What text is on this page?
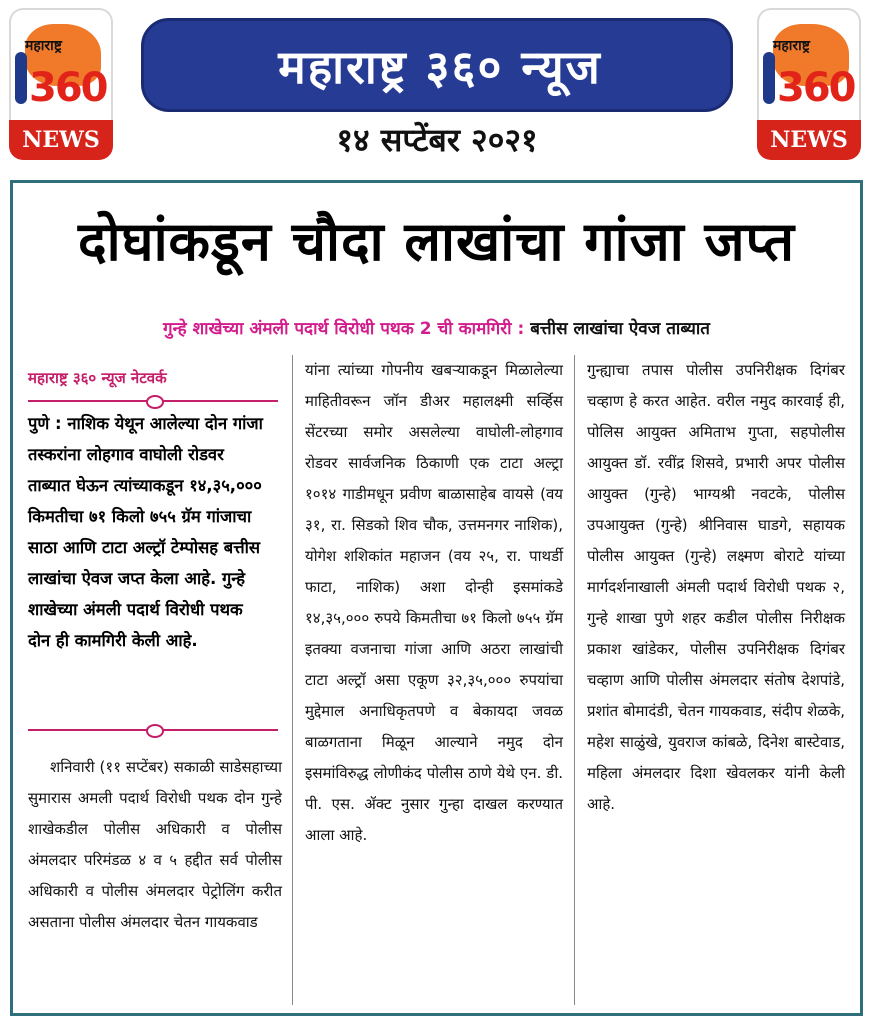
महाराष्ट्र
360
NEWS
महाराष्ट्र
360
NEWS
महाराष्ट्र ३६० न्यूज
१४ सप्टेंबर २०२१
दोघांकडून चौदा लाखांचा गांजा जप्त
गुन्हे शाखेच्या अंमली पदार्थ विरोधी पथक 2 ची कामगिरी : बत्तीस लाखांचा ऐवज ताब्यात
महाराष्ट्र ३६० न्यूज नेटवर्क
पुणे : नाशिक येथून आलेल्या दोन गांजा तस्करांना लोहगाव वाघोली रोडवर ताब्यात घेऊन त्यांच्याकडून १४,३५,००० किमतीचा ७१ किलो ७५५ ग्रॅम गांजाचा साठा आणि टाटा अल्ट्रॉ टेम्पोसह बत्तीस लाखांचा ऐवज जप्त केला आहे. गुन्हे शाखेच्या अंमली पदार्थ विरोधी पथक दोन ही कामगिरी केली आहे.
शनिवारी (११ सप्टेंबर) सकाळी साडेसहाच्या सुमारास अमली पदार्थ विरोधी पथक दोन गुन्हे शाखेकडील पोलीस अधिकारी व पोलीस अंमलदार परिमंडळ ४ व ५ हद्दीत सर्व पोलीस अधिकारी व पोलीस अंमलदार पेट्रोलिंग करीत असताना पोलीस अंमलदार चेतन गायकवाड
यांना त्यांच्या गोपनीय खबऱ्याकडून मिळालेल्या माहितीवरून जॉन डीअर महालक्ष्मी सर्व्हिस सेंटरच्या समोर असलेल्या वाघोली-लोहगाव रोडवर सार्वजनिक ठिकाणी एक टाटा अल्ट्रा १०१४ गाडीमधून प्रवीण बाळासाहेब वायसे (वय ३१, रा. सिडको शिव चौक, उत्तमनगर नाशिक), योगेश शशिकांत महाजन (वय २५, रा. पाथर्डी फाटा, नाशिक) अशा दोन्ही इसमांकडे १४,३५,००० रुपये किमतीचा ७१ किलो ७५५ ग्रॅम इतक्या वजनाचा गांजा आणि अठरा लाखांची टाटा अल्ट्रॉ असा एकूण ३२,३५,००० रुपयांचा मुद्देमाल अनाधिकृतपणे व बेकायदा जवळ बाळगताना मिळून आल्याने नमुद दोन इसमांविरुद्ध लोणीकंद पोलीस ठाणे येथे एन. डी. पी. एस. ॲक्ट नुसार गुन्हा दाखल करण्यात आला आहे.
गुन्ह्याचा तपास पोलीस उपनिरीक्षक दिगंबर चव्हाण हे करत आहेत. वरील नमुद कारवाई ही, पोलिस आयुक्त अमिताभ गुप्ता, सहपोलीस आयुक्त डॉ. रवींद्र शिसवे, प्रभारी अपर पोलीस आयुक्त (गुन्हे) भाग्यश्री नवटके, पोलीस उपआयुक्त (गुन्हे) श्रीनिवास घाडगे, सहायक पोलीस आयुक्त (गुन्हे) लक्ष्मण बोराटे यांच्या मार्गदर्शनाखाली अंमली पदार्थ विरोधी पथक २, गुन्हे शाखा पुणे शहर कडील पोलीस निरीक्षक प्रकाश खांडेकर, पोलीस उपनिरीक्षक दिगंबर चव्हाण आणि पोलीस अंमलदार संतोष देशपांडे, प्रशांत बोमादंडी, चेतन गायकवाड, संदीप शेळके, महेश साळुंखे, युवराज कांबळे, दिनेश बास्टेवाड, महिला अंमलदार दिशा खेवलकर यांनी केली आहे.
